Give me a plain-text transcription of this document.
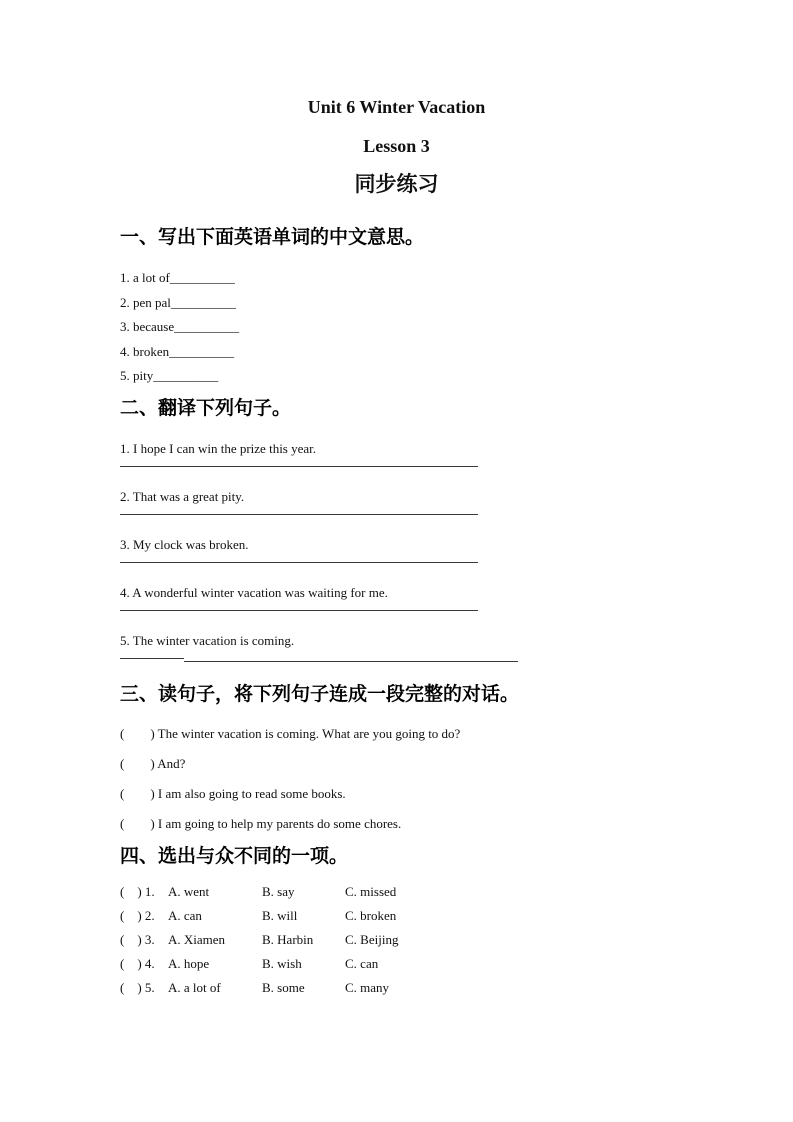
Unit 6 Winter Vacation
Lesson 3
同步练习
一、写出下面英语单词的中文意思。
1. a lot of__________
2. pen pal__________
3. because__________
4. broken__________
5. pity__________
二、翻译下列句子。
1. I hope I can win the prize this year.
2. That was a great pity.
3. My clock was broken.
4. A wonderful winter vacation was waiting for me.
5. The winter vacation is coming.
三、读句子，将下列句子连成一段完整的对话。
(　　) The winter vacation is coming. What are you going to do?
(　　) And?
(　　) I am also going to read some books.
(　　) I am going to help my parents do some chores.
四、选出与众不同的一项。
(　) 1. A. went	B. say	C. missed
(　) 2. A. can	B. will	C. broken
(　) 3. A. Xiamen	B. Harbin C. Beijing
(　) 4. A. hope	B. wish	C. can
(　) 5. A. a lot of	B. some	C. many
